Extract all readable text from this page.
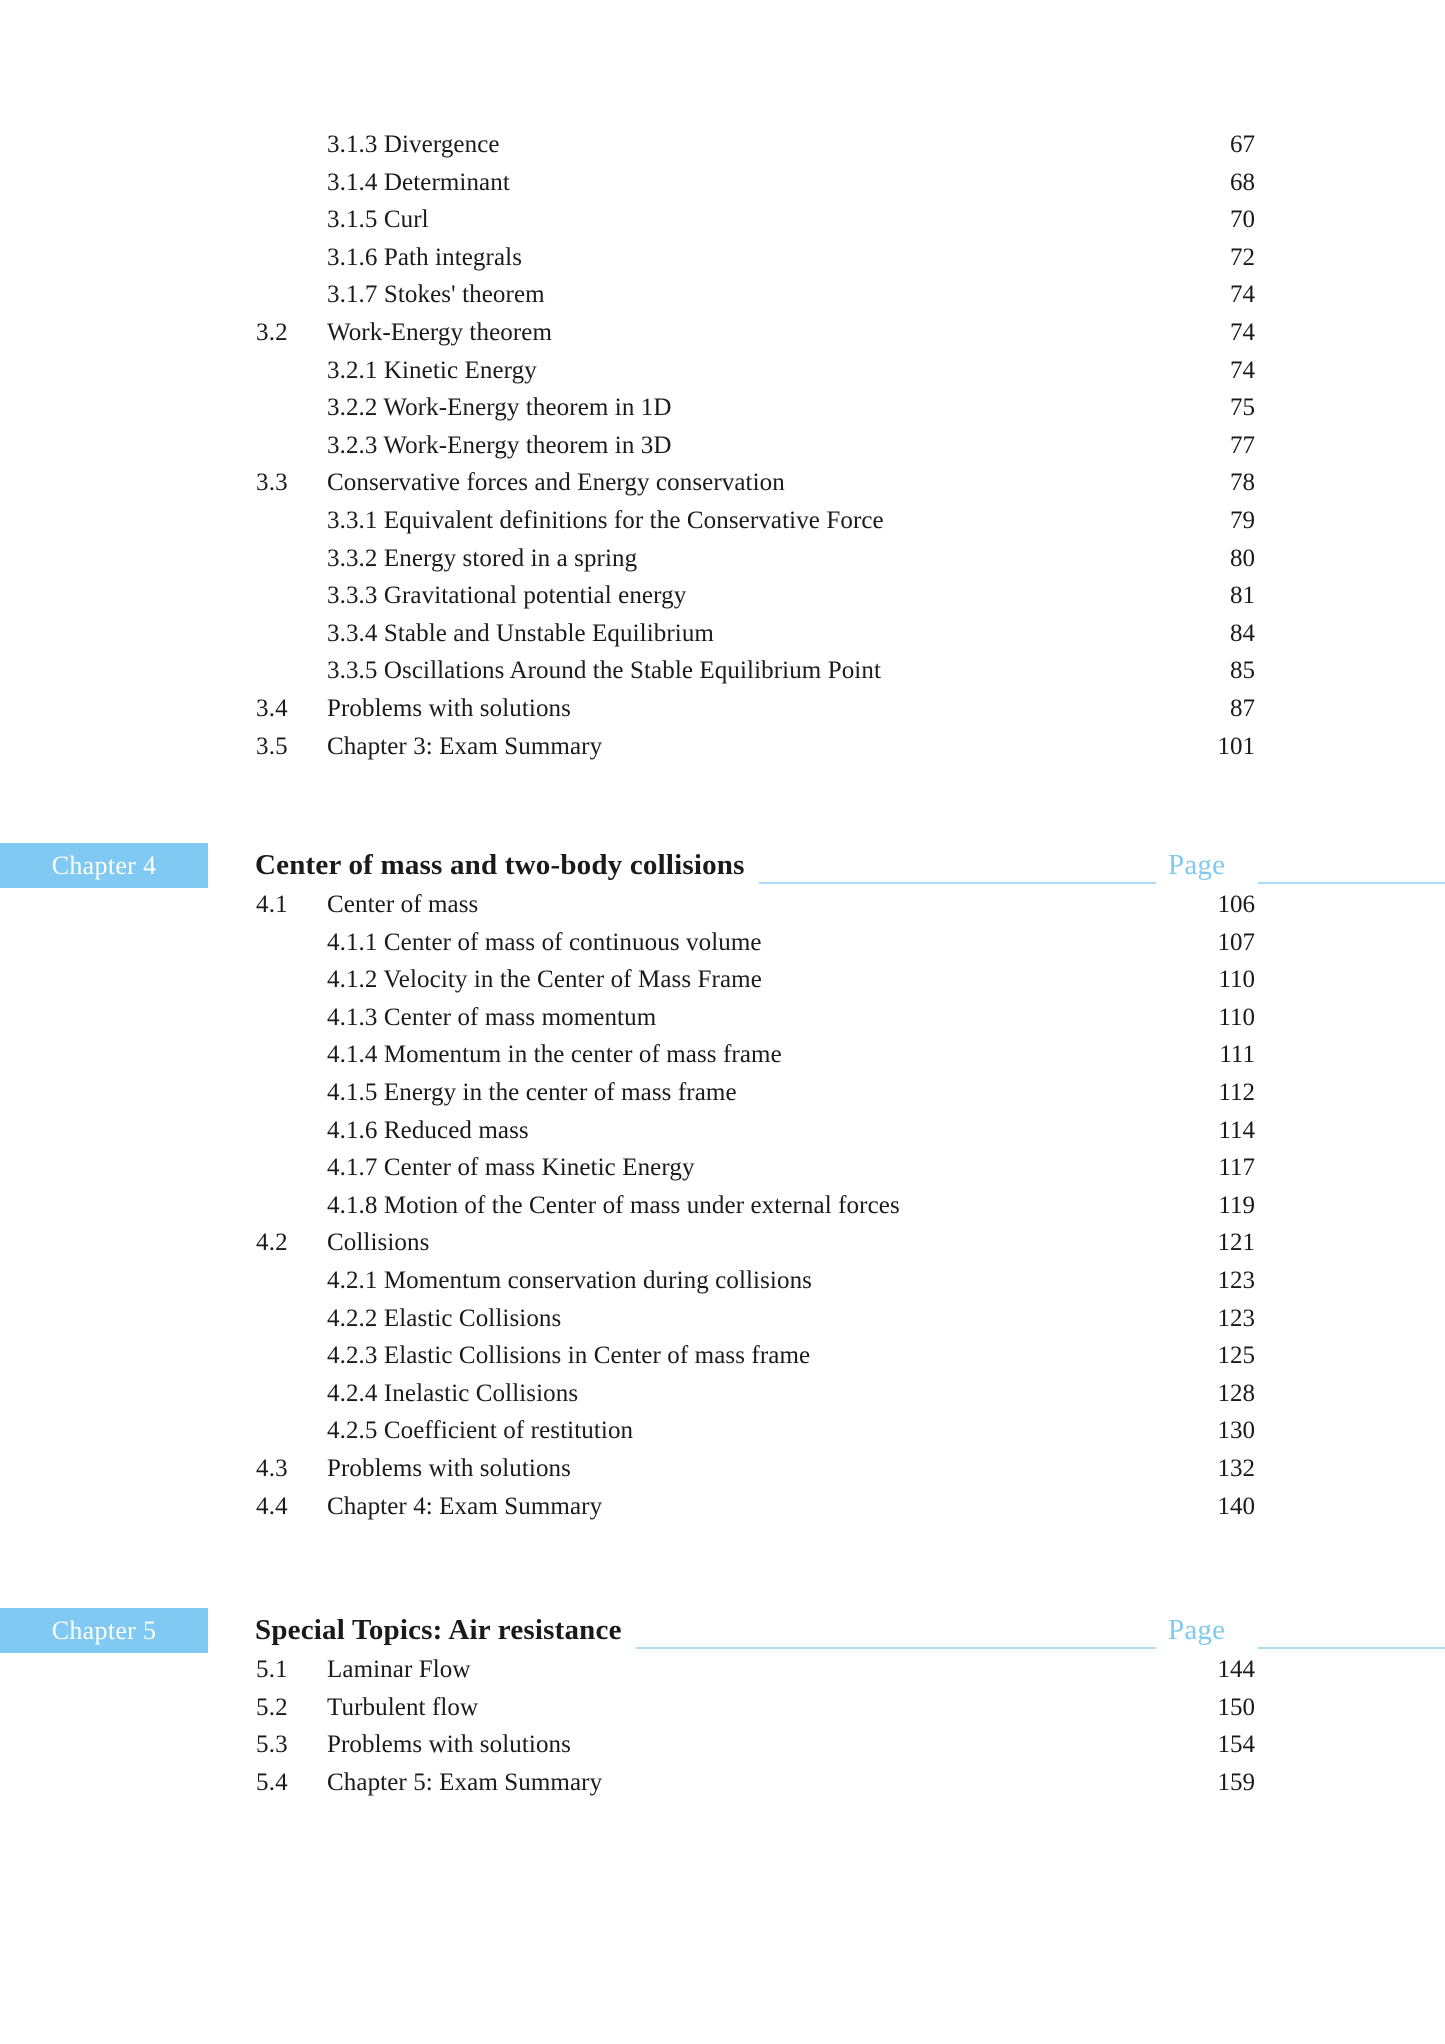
3.1.3 Divergence	67
3.1.4 Determinant	68
3.1.5 Curl	70
3.1.6 Path integrals	72
3.1.7 Stokes' theorem	74
3.2 Work-Energy theorem	74
3.2.1 Kinetic Energy	74
3.2.2 Work-Energy theorem in 1D	75
3.2.3 Work-Energy theorem in 3D	77
3.3 Conservative forces and Energy conservation	78
3.3.1 Equivalent definitions for the Conservative Force	79
3.3.2 Energy stored in a spring	80
3.3.3 Gravitational potential energy	81
3.3.4 Stable and Unstable Equilibrium	84
3.3.5 Oscillations Around the Stable Equilibrium Point	85
3.4 Problems with solutions	87
3.5 Chapter 3: Exam Summary	101
Chapter 4	Center of mass and two-body collisions	Page
4.1 Center of mass	106
4.1.1 Center of mass of continuous volume	107
4.1.2 Velocity in the Center of Mass Frame	110
4.1.3 Center of mass momentum	110
4.1.4 Momentum in the center of mass frame	111
4.1.5 Energy in the center of mass frame	112
4.1.6 Reduced mass	114
4.1.7 Center of mass Kinetic Energy	117
4.1.8 Motion of the Center of mass under external forces	119
4.2 Collisions	121
4.2.1 Momentum conservation during collisions	123
4.2.2 Elastic Collisions	123
4.2.3 Elastic Collisions in Center of mass frame	125
4.2.4 Inelastic Collisions	128
4.2.5 Coefficient of restitution	130
4.3 Problems with solutions	132
4.4 Chapter 4: Exam Summary	140
Chapter 5	Special Topics: Air resistance	Page
5.1 Laminar Flow	144
5.2 Turbulent flow	150
5.3 Problems with solutions	154
5.4 Chapter 5: Exam Summary	159
